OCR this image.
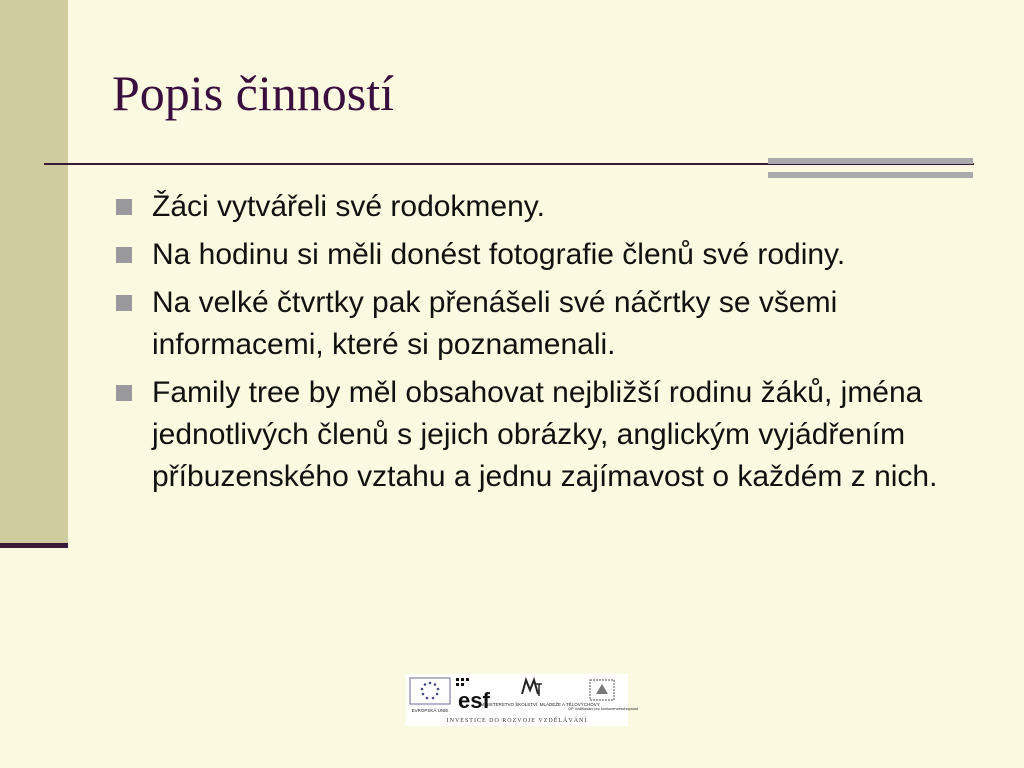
Popis činností
Žáci vytvářeli své rodokmeny.
Na hodinu si měli donést fotografie členů své rodiny.
Na velké čtvrtky pak přenášeli své náčrtky se všemi informacemi, které si poznamenali.
Family tree by měl obsahovat nejbližší rodinu žáků, jména jednotlivých členů s jejich obrázky, anglickým vyjádřením příbuzenského vztahu a jednu zajímavost o každém z nich.
EVROPSKÁ UNIE esf
MINISTERSTVO ŠKOLSTVÍ, MLÁDEŽE A TĚLOVÝCHOVY
OP Vzdělávání pro konkurenceschopnost
INVESTICE DO ROZVOJE VZDĚLÁVÁNÍ
